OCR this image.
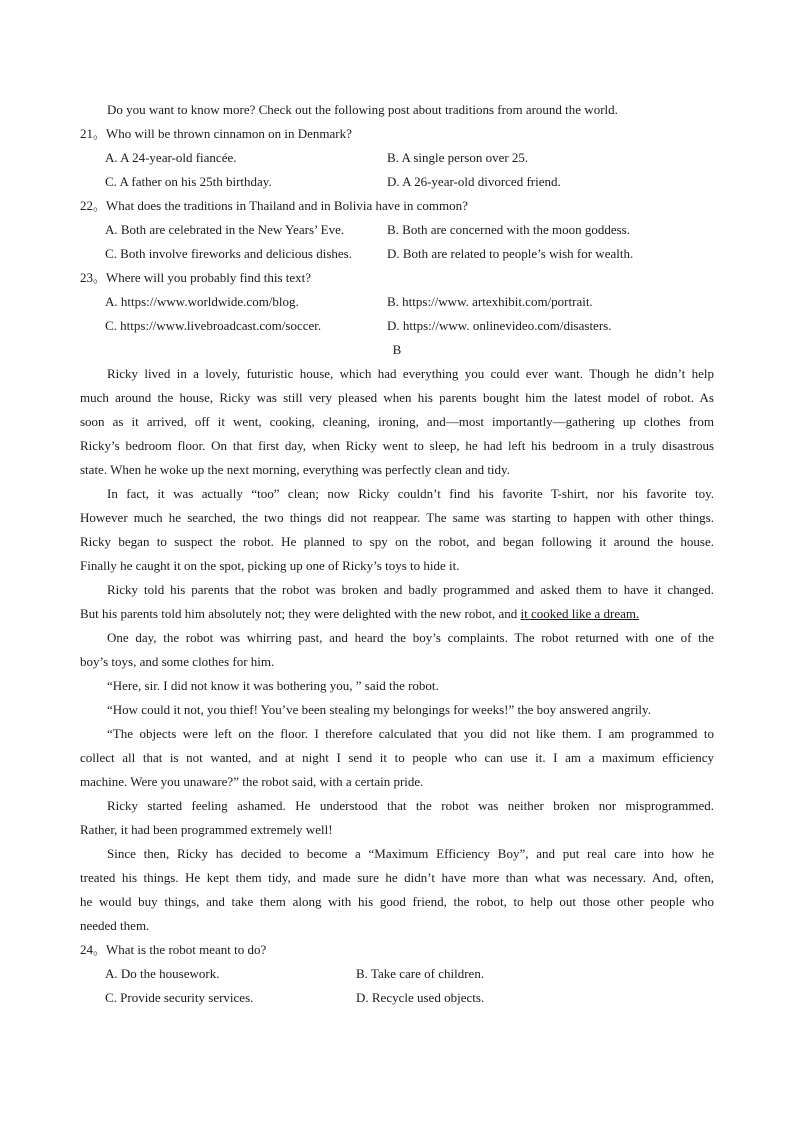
Do you want to know more? Check out the following post about traditions from around the world.
21。 Who will be thrown cinnamon on in Denmark?
A. A 24-year-old fiancée.	B. A single person over 25.
C. A father on his 25th birthday.	D. A 26-year-old divorced friend.
22。 What does the traditions in Thailand and in Bolivia have in common?
A. Both are celebrated in the New Years’ Eve.	B. Both are concerned with the moon goddess.
C. Both involve fireworks and delicious dishes.	D. Both are related to people’s wish for wealth.
23。 Where will you probably find this text?
A. https://www.worldwide.com/blog.	B. https://www. artexhibit.com/portrait.
C. https://www.livebroadcast.com/soccer.	D. https://www. onlinevideo.com/disasters.
B
Ricky lived in a lovely, futuristic house, which had everything you could ever want. Though he didn’t help
much around the house, Ricky was still very pleased when his parents bought him the latest model of robot. As
soon as it arrived, off it went, cooking, cleaning, ironing, and—most importantly—gathering up clothes from
Ricky’s bedroom floor. On that first day, when Ricky went to sleep, he had left his bedroom in a truly disastrous
state. When he woke up the next morning, everything was perfectly clean and tidy.
In fact, it was actually “too” clean; now Ricky couldn’t find his favorite T-shirt, nor his favorite toy.
However much he searched, the two things did not reappear. The same was starting to happen with other things.
Ricky began to suspect the robot. He planned to spy on the robot, and began following it around the house.
Finally he caught it on the spot, picking up one of Ricky’s toys to hide it.
Ricky told his parents that the robot was broken and badly programmed and asked them to have it changed.
But his parents told him absolutely not; they were delighted with the new robot, and it cooked like a dream.
One day, the robot was whirring past, and heard the boy’s complaints. The robot returned with one of the
boy’s toys, and some clothes for him.
“Here, sir. I did not know it was bothering you, ” said the robot.
“How could it not, you thief! You’ve been stealing my belongings for weeks!” the boy answered angrily.
“The objects were left on the floor. I therefore calculated that you did not like them. I am programmed to
collect all that is not wanted, and at night I send it to people who can use it. I am a maximum efficiency
machine. Were you unaware?” the robot said, with a certain pride.
Ricky started feeling ashamed. He understood that the robot was neither broken nor misprogrammed.
Rather, it had been programmed extremely well!
Since then, Ricky has decided to become a “Maximum Efficiency Boy”, and put real care into how he
treated his things. He kept them tidy, and made sure he didn’t have more than what was necessary. And, often,
he would buy things, and take them along with his good friend, the robot, to help out those other people who
needed them.
24。 What is the robot meant to do?
A. Do the housework.	B. Take care of children.
C. Provide security services.	D. Recycle used objects.
